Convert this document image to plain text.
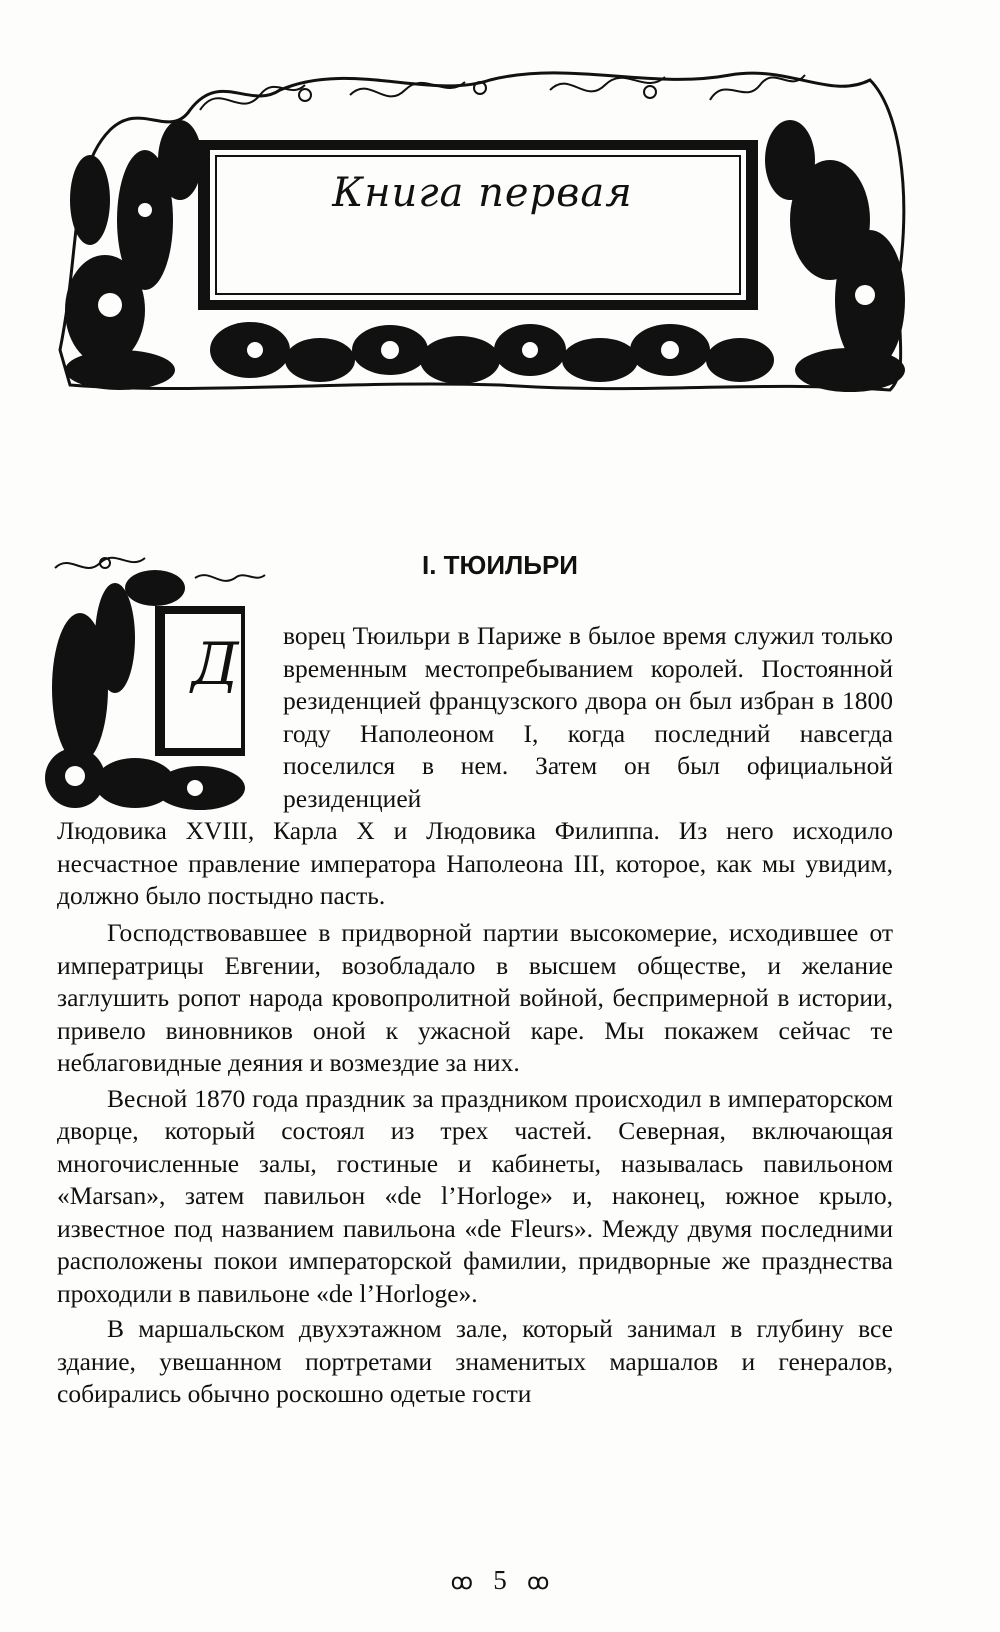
Книга первая
I. ТЮИЛЬРИ
Д	ворец Тюильри в Париже в былое время служил только временным местопребыванием королей. Постоянной резиденцией французского двора он был избран в 1800 году Наполеоном I, когда последний навсегда поселился в нем. Затем он был официальной резиденцией

Людовика XVIII, Карла X и Людовика Филиппа. Из него исходило несчастное правление императора Наполеона III, которое, как мы увидим, должно было постыдно пасть.

Господствовавшее в придворной партии высокомерие, исходившее от императрицы Евгении, возобладало в высшем обществе, и желание заглушить ропот народа кровопролитной войной, беспримерной в истории, привело виновников оной к ужасной каре. Мы покажем сейчас те неблаговидные деяния и возмездие за них.

Весной 1870 года праздник за праздником происходил в императорском дворце, который состоял из трех частей. Северная, включающая многочисленные залы, гостиные и кабинеты, называлась павильоном «Marsan», затем павильон «de l’Horloge» и, наконец, южное крыло, известное под названием павильона «de Fleurs». Между двумя последними расположены покои императорской фамилии, придворные же празднества проходили в павильоне «de l’Horloge».

В маршальском двухэтажном зале, который занимал в глубину все здание, увешанном портретами знаменитых маршалов и генералов, собирались обычно роскошно одетые гости

ꝏ 5 ꝏ
